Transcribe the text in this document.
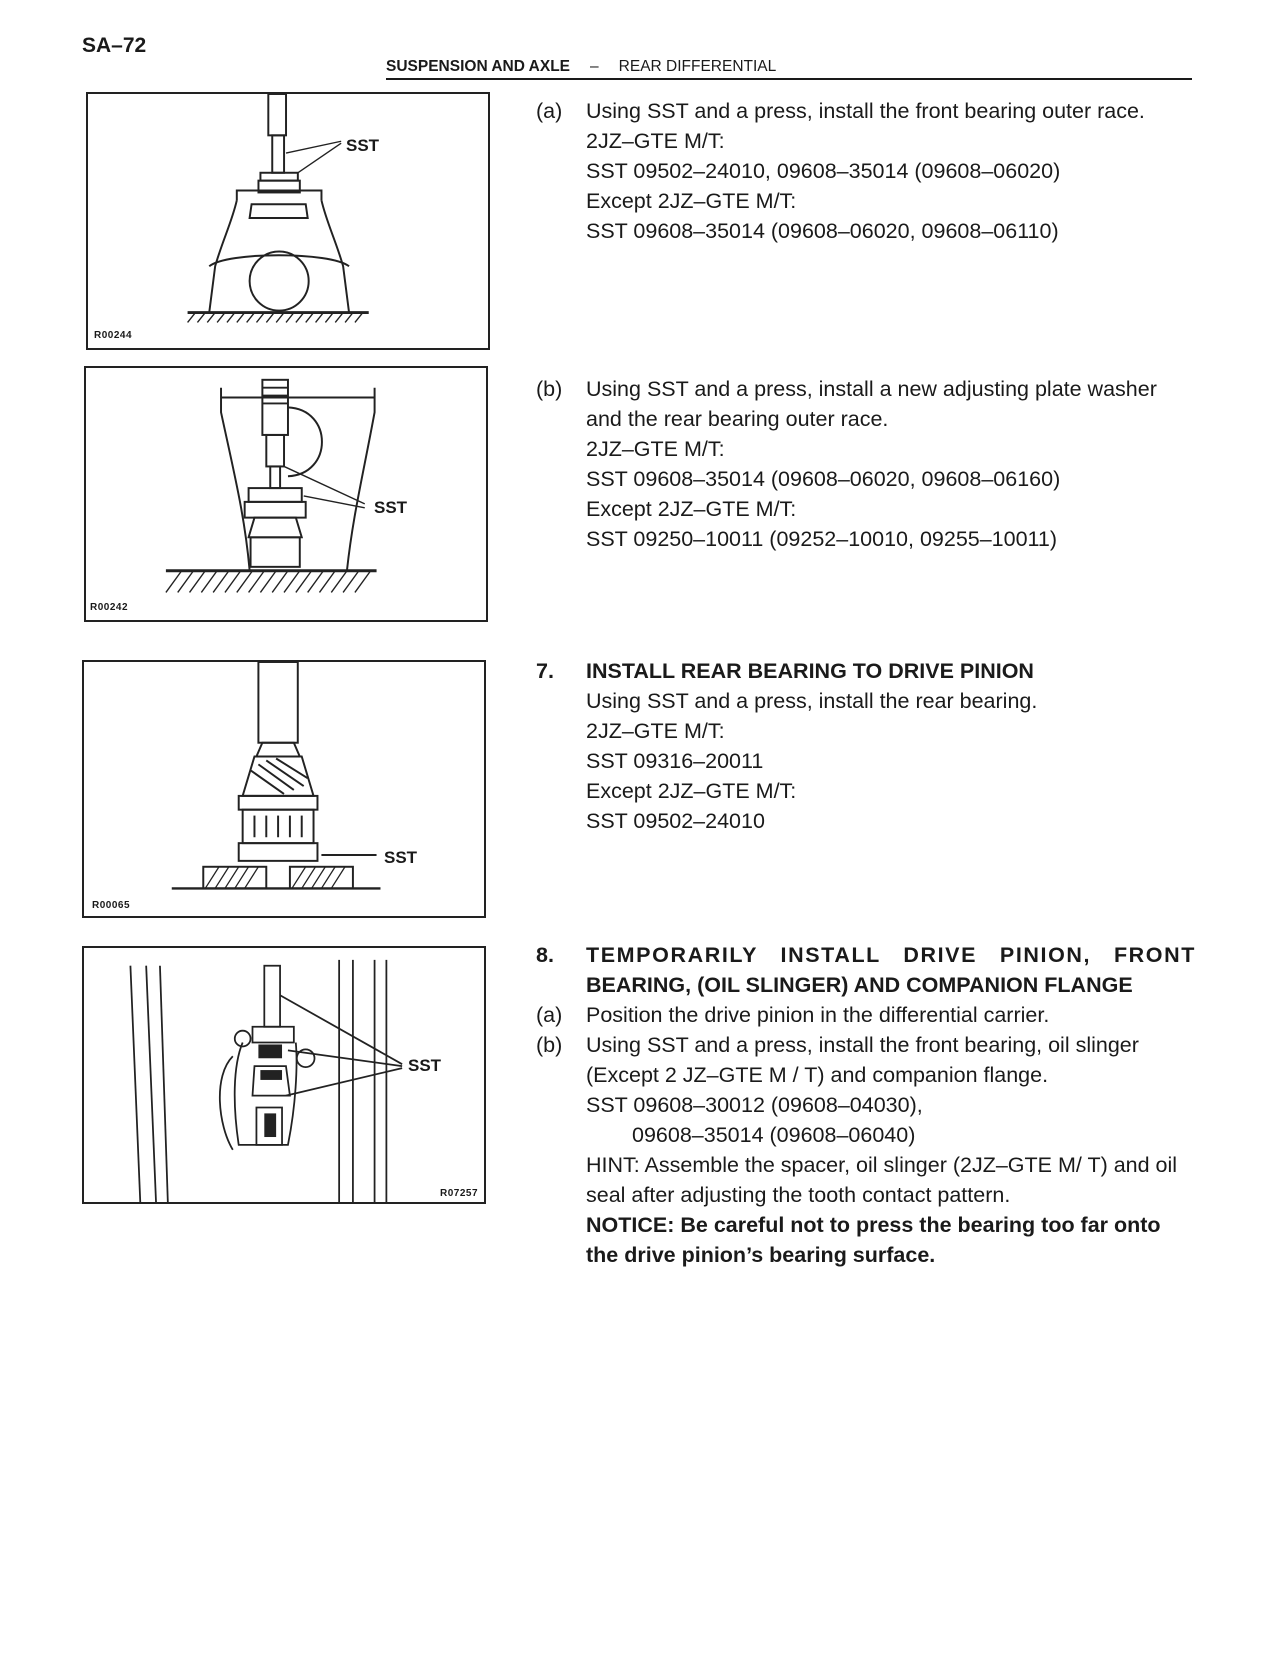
SA–72
SUSPENSION AND AXLE – REAR DIFFERENTIAL
SST
R00244
SST
R00242
SST
R00065
SST
R07257
(a)	Using SST and a press, install the front bearing outer race.
2JZ–GTE M/T:
SST 09502–24010, 09608–35014 (09608–06020)
Except 2JZ–GTE M/T:
SST 09608–35014 (09608–06020, 09608–06110)
(b)	Using SST and a press, install a new adjusting plate washer and the rear bearing outer race.
2JZ–GTE M/T:
SST 09608–35014 (09608–06020, 09608–06160)
Except 2JZ–GTE M/T:
SST 09250–10011 (09252–10010, 09255–10011)
7.	INSTALL REAR BEARING TO DRIVE PINION
Using SST and a press, install the rear bearing.
2JZ–GTE M/T:
SST 09316–20011
Except 2JZ–GTE M/T:
SST 09502–24010
8.	TEMPORARILY INSTALL DRIVE PINION, FRONT
BEARING, (OIL SLINGER) AND COMPANION FLANGE
(a)	Position the drive pinion in the differential carrier.
(b)	Using SST and a press, install the front bearing, oil slinger (Except 2 JZ–GTE M / T) and companion flange.
SST 09608–30012 (09608–04030),
09608–35014 (09608–06040)
HINT: Assemble the spacer, oil slinger (2JZ–GTE M/ T) and oil seal after adjusting the tooth contact pattern.
NOTICE: Be careful not to press the bearing too far onto the drive pinion’s bearing surface.
